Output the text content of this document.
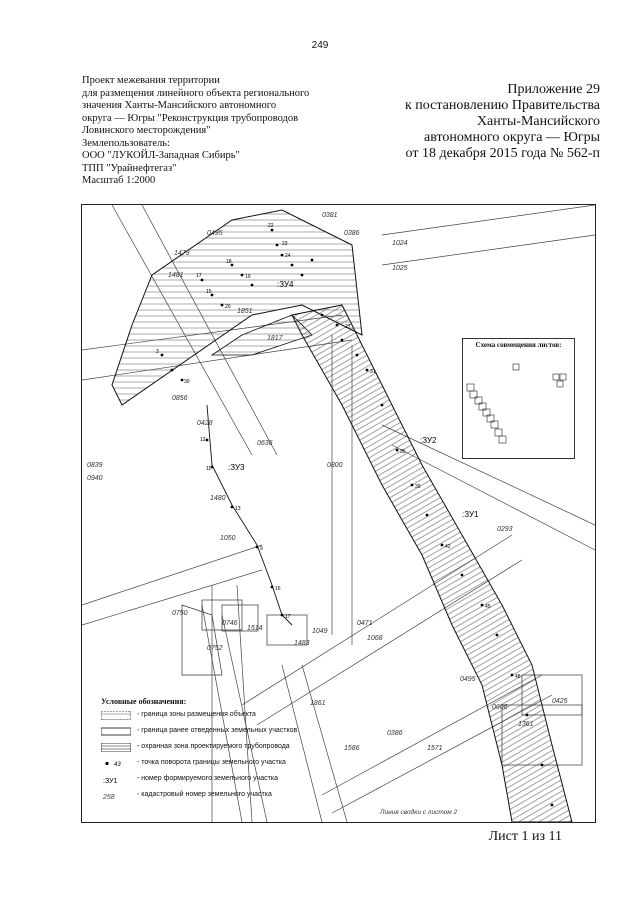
249
Проект межевания территории
для размещения линейного объекта регионального
значения Ханты-Мансийского автономного
округа — Югры "Реконструкция трубопроводов
Ловинского месторождения"
Землепользователь:
ООО "ЛУКОЙЛ-Западная Сибирь"
ТПП "Урайнефтегаз"
Масштаб 1:2000
Приложение 29
к постановлению Правительства
Ханты-Мансийского
автономного округа — Югры
от 18 декабря 2015 года № 562-п
0381
0386
1024
1025
0495
1479
1481
1851
1817
0856
0428
0636
0839
0940
1480
0800
1050
0750
0746
1514
0752
1483
1049
0471
1068
0293
0495
0425
0606
1861
0386
1571
1586
1361
22
23
24
18
19
15
20
17
3
30
12
11
13
9
16
17
27
31
35
39
42
45
48
:ЗУ4
:ЗУ2
:ЗУ3
:ЗУ1
Схема совмещения листов:
Условные обозначения:
- граница зоны размещения объекта
- граница ранее отведенных земельных участков
- охранная зона проектируемого трубопровода
43 - точка поворота границы земельного участка
:ЗУ1	- номер формируемого земельного участка
258	- кадастровый номер земельного участка
Линия сводки с листом 2
Лист 1 из 11
